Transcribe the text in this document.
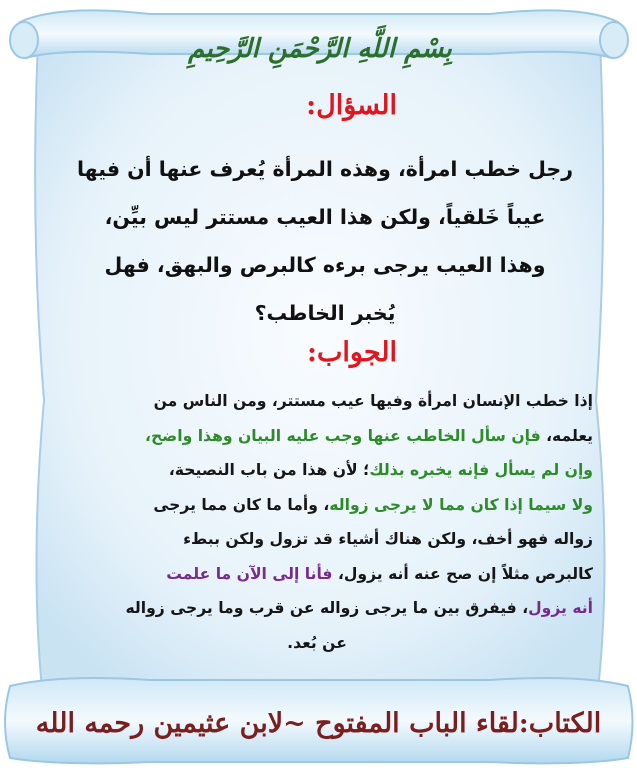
بِسْمِ اللَّهِ الرَّحْمَنِ الرَّحِيمِ
السؤال:
رجل خطب امرأة، وهذه المرأة يُعرف عنها أن فيها
عيباً خَلقياً، ولكن هذا العيب مستتر ليس بيِّن،
وهذا العيب يرجى برءه كالبرص والبهق، فهل
يُخبر الخاطب؟
الجواب:
إذا خطب الإنسان امرأة وفيها عيب مستتر، ومن الناس من
يعلمه، فإن سأل الخاطب عنها وجب عليه البيان وهذا واضح،
وإن لم يسأل فإنه يخبره بذلك؛ لأن هذا من باب النصيحة،
ولا سيما إذا كان مما لا يرجى زواله، وأما ما كان مما يرجى
زواله فهو أخف، ولكن هناك أشياء قد تزول ولكن ببطء
كالبرص مثلاً إن صح عنه أنه يزول، فأنا إلى الآن ما علمت
أنه يزول، فيفرق بين ما يرجى زواله عن قرب وما يرجى زواله
عن بُعد.
الكتاب:لقاء الباب المفتوح ~لابن عثيمين رحمه الله
